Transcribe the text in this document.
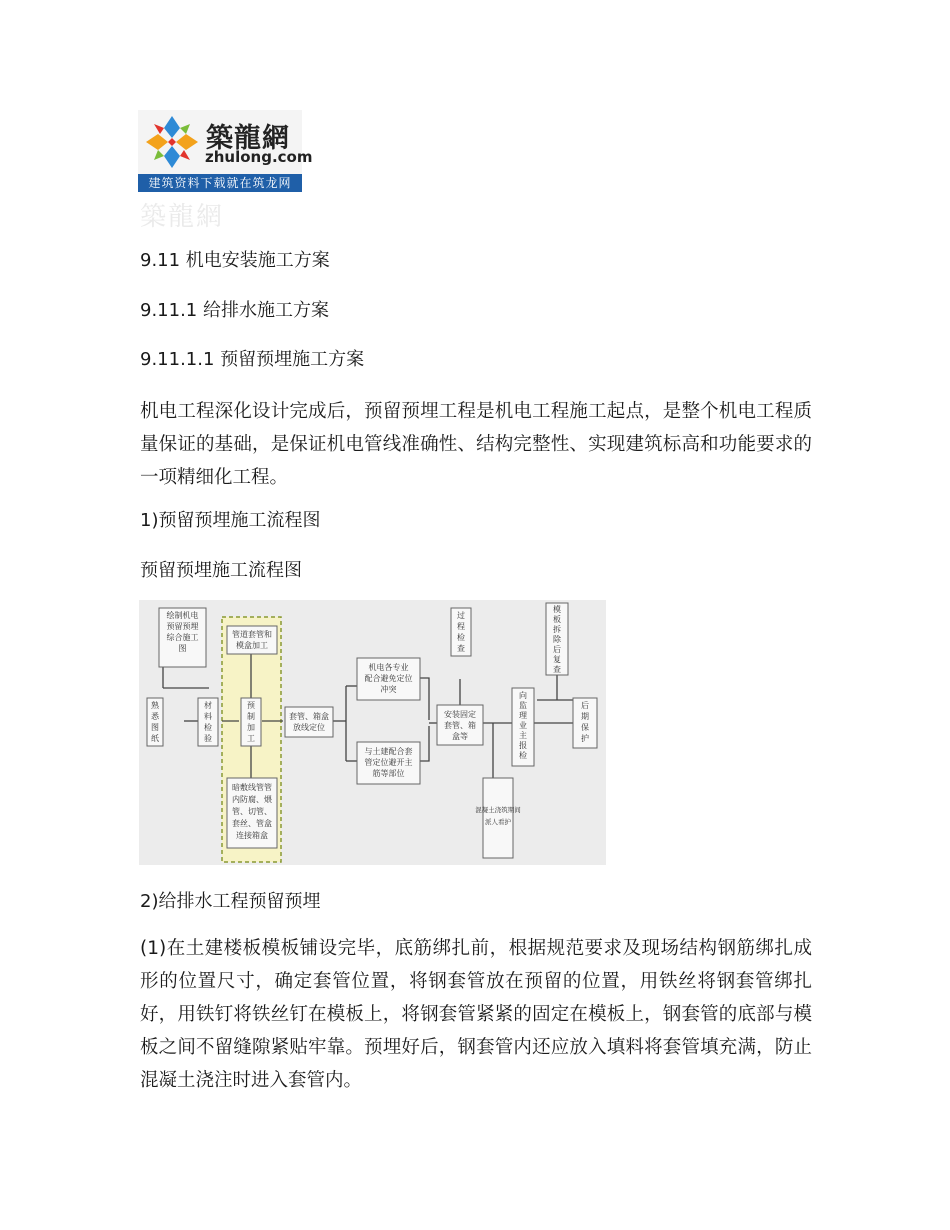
築龍網
zhulong.com
建筑资料下载就在筑龙网
築龍網
9.11 机电安装施工方案
9.11.1 给排水施工方案
9.11.1.1 预留预埋施工方案
机电工程深化设计完成后，预留预埋工程是机电工程施工起点，是整个机电工程质量保证的基础，是保证机电管线准确性、结构完整性、实现建筑标高和功能要求的一项精细化工程。
1)预留预埋施工流程图
预留预埋施工流程图
绘制机电预留预埋综合施工图
熟悉图纸
材料检验
管道套管和模盒加工
预制加工
暗敷线管管内防腐、煨管、切管、套丝、管盒连接箱盒
套管、箱盒放线定位
机电各专业配合避免定位冲突
与土建配合套管定位避开主筋等部位
过程检查
安装固定套管、箱盒等
混凝土浇筑期间派人看护
向监理业主报检
模板拆除后复查
后期保护
2)给排水工程预留预埋
(1)在土建楼板模板铺设完毕，底筋绑扎前，根据规范要求及现场结构钢筋绑扎成形的位置尺寸，确定套管位置，将钢套管放在预留的位置，用铁丝将钢套管绑扎好，用铁钉将铁丝钉在模板上，将钢套管紧紧的固定在模板上，钢套管的底部与模板之间不留缝隙紧贴牢靠。预埋好后，钢套管内还应放入填料将套管填充满，防止混凝土浇注时进入套管内。
